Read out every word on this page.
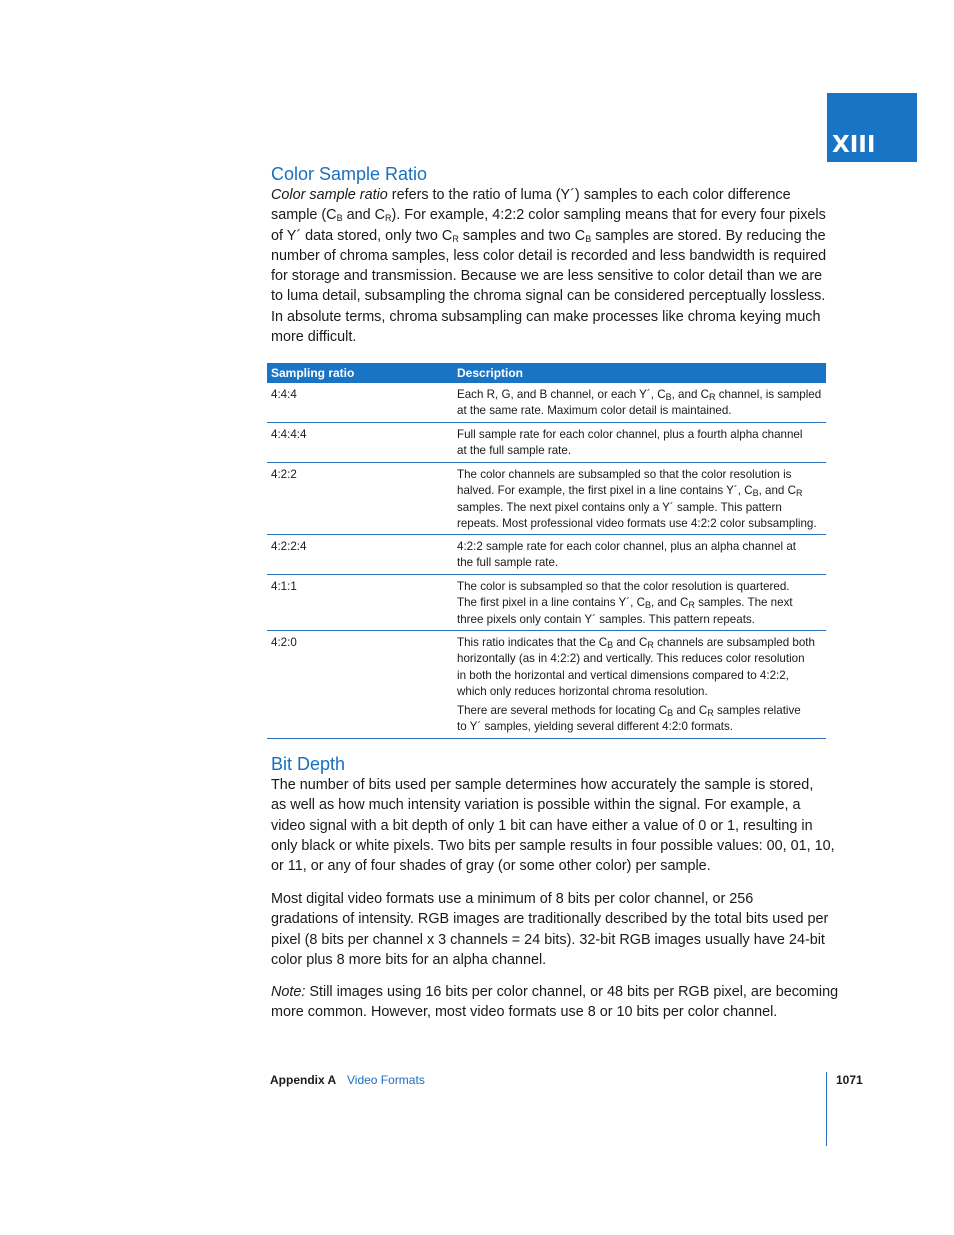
XIII
Color Sample Ratio

Color sample ratio refers to the ratio of luma (Y´) samples to each color difference
sample ($C_B$ and $C_R$). For example, 4:2:2 color sampling means that for every four pixels
of Y´ data stored, only two $C_R$ samples and two $C_B$ samples are stored. By reducing the
number of chroma samples, less color detail is recorded and less bandwidth is required
for storage and transmission. Because we are less sensitive to color detail than we are
to luma detail, subsampling the chroma signal can be considered perceptually lossless.
In absolute terms, chroma subsampling can make processes like chroma keying much
more difficult.

Sampling ratio	Description
4:4:4	Each R, G, and B channel, or each Y´, $C_B$, and $C_R$ channel, is sampled
at the same rate. Maximum color detail is maintained.
4:4:4:4	Full sample rate for each color channel, plus a fourth alpha channel
at the full sample rate.
4:2:2	The color channels are subsampled so that the color resolution is
halved. For example, the first pixel in a line contains Y´, $C_B$, and $C_R$
samples. The next pixel contains only a Y´ sample. This pattern
repeats. Most professional video formats use 4:2:2 color subsampling.
4:2:2:4	4:2:2 sample rate for each color channel, plus an alpha channel at
the full sample rate.
4:1:1	The color is subsampled so that the color resolution is quartered.
The first pixel in a line contains Y´, $C_B$, and $C_R$ samples. The next
three pixels only contain Y´ samples. This pattern repeats.
4:2:0	This ratio indicates that the $C_B$ and $C_R$ channels are subsampled both
horizontally (as in 4:2:2) and vertically. This reduces color resolution
in both the horizontal and vertical dimensions compared to 4:2:2,
which only reduces horizontal chroma resolution.
There are several methods for locating $C_B$ and $C_R$ samples relative
to Y´ samples, yielding several different 4:2:0 formats.
Bit Depth

The number of bits used per sample determines how accurately the sample is stored,
as well as how much intensity variation is possible within the signal. For example, a
video signal with a bit depth of only 1 bit can have either a value of 0 or 1, resulting in
only black or white pixels. Two bits per sample results in four possible values: 00, 01, 10,
or 11, or any of four shades of gray (or some other color) per sample.

Most digital video formats use a minimum of 8 bits per color channel, or 256
gradations of intensity. RGB images are traditionally described by the total bits used per
pixel (8 bits per channel x 3 channels = 24 bits). 32-bit RGB images usually have 24-bit
color plus 8 more bits for an alpha channel.

Note: Still images using 16 bits per color channel, or 48 bits per RGB pixel, are becoming
more common. However, most video formats use 8 or 10 bits per color channel.

Appendix A Video Formats	1071
